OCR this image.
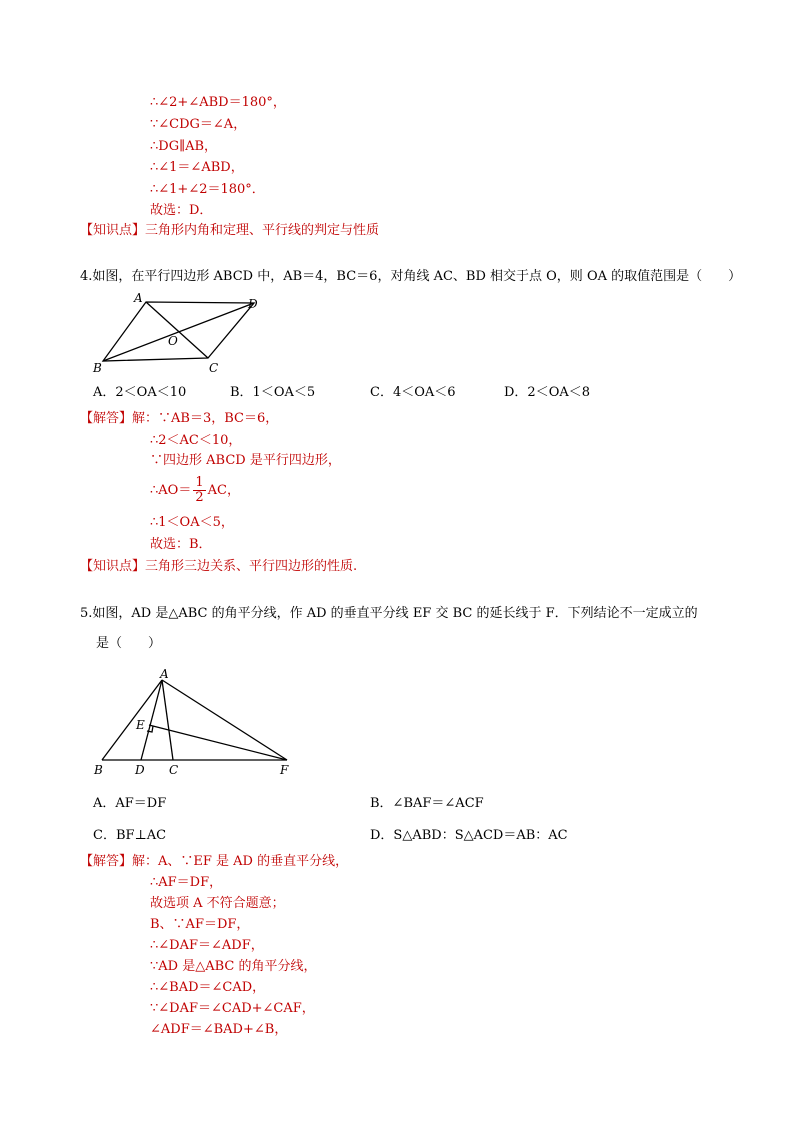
∴∠2+∠ABD＝180°，
∵∠CDG＝∠A，
∴DG∥AB，
∴∠1＝∠ABD，
∴∠1+∠2＝180°．
故选：D．
【知识点】三角形内角和定理、平行线的判定与性质
4.如图，在平行四边形 ABCD 中，AB＝4，BC＝6，对角线 AC、BD 相交于点 O，则 OA 的取值范围是（　　）
A	D
B	C
O
A．2＜OA＜10	B．1＜OA＜5	C．4＜OA＜6	D．2＜OA＜8
【解答】 解：∵AB＝3，BC＝6，
∴2＜AC＜10，
∵四边形 ABCD 是平行四边形，
∴AO＝ $\frac{1}{2}$ AC，
∴1＜OA＜5，
故选：B．
【知识点】三角形三边关系、平行四边形的性质.
5.如图，AD 是△ABC 的角平分线，作 AD 的垂直平分线 EF 交 BC 的延长线于 F．下列结论不一定成立的
是（　　）
A
E
B	D C	F
A．AF＝DF	B．∠BAF＝∠ACF
C．BF⊥AC	D．S△ABD：S△ACD＝AB：AC
【解答】 解：A、∵EF 是 AD 的垂直平分线，
∴AF＝DF，
故选项 A 不符合题意；
B、∵AF＝DF，
∴∠DAF＝∠ADF，
∵AD 是△ABC 的角平分线，
∴∠BAD＝∠CAD，
∵∠DAF＝∠CAD+∠CAF，
∠ADF＝∠BAD+∠B，
